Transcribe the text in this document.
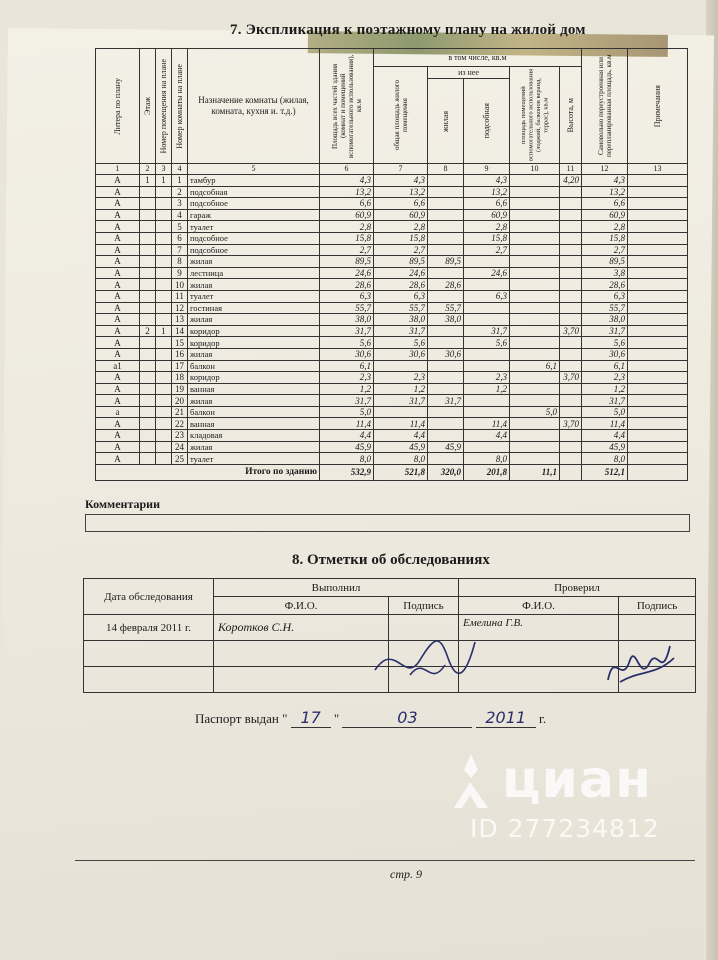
7. Экспликация к поэтажному плану на жилой дом
Литера по плану	Этаж	Номер помещения на плане	Номер комнаты на плане	Назначение комнаты (жилая, комната, кухня и. т.д.)	Площадь всех частей здания (комнат и помещений вспомогательного использования), кв.м	в том числе, кв.м					Самовольно переустроенная или перепланированная площадь, кв.м	Примечания

						общая площадь жилого помещения	из нее		площадь помещений вспомогательного использования (лоджий, балконов веранд, террас), кв.м	Высота, м		

							жилая	подсобная				

1	2	3	4	5	6	7	8	9	10	11	12	13
А	1	1	1	тамбур	4,3	4,3		4,3		4,20	4,3	
А			2	подсобная	13,2	13,2		13,2			13,2	
А			3	подсобное	6,6	6,6		6,6			6,6	
А			4	гараж	60,9	60,9		60,9			60,9	
А			5	туалет	2,8	2,8		2,8			2,8	
А			6	подсобное	15,8	15,8		15,8			15,8	
А			7	подсобное	2,7	2,7		2,7			2,7	
А			8	жилая	89,5	89,5	89,5				89,5	
А			9	лестница	24,6	24,6		24,6			3,8	
А			10	жилая	28,6	28,6	28,6				28,6	
А			11	туалет	6,3	6,3		6,3			6,3	
А			12	гостиная	55,7	55,7	55,7				55,7	
А			13	жилая	38,0	38,0	38,0				38,0	
А	2	1	14	коридор	31,7	31,7		31,7		3,70	31,7	
А			15	коридор	5,6	5,6		5,6			5,6	
А			16	жилая	30,6	30,6	30,6				30,6	
а1			17	балкон	6,1				6,1		6,1	
А			18	коридор	2,3	2,3		2,3		3,70	2,3	
А			19	ванная	1,2	1,2		1,2			1,2	
А			20	жилая	31,7	31,7	31,7				31,7	
а			21	балкон	5,0				5,0		5,0	
А			22	ванная	11,4	11,4		11,4		3,70	11,4	
А			23	кладовая	4,4	4,4		4,4			4,4	
А			24	жилая	45,9	45,9	45,9				45,9	
А			25	туалет	8,0	8,0		8,0			8,0	
Итого по зданию					532,9	521,8	320,0	201,8	11,1		512,1	
Комментарии
8. Отметки об обследованиях
Дата обследования	Выполнил		Проверил	
	Ф.И.О.	Подпись	Ф.И.О.	Подпись
14 февраля 2011 г.	Коротков С.Н.		Емелина Г.В.	

Паспорт выдан " 17 "	03	2011 г.
циан
ID 277234812
стр. 9
